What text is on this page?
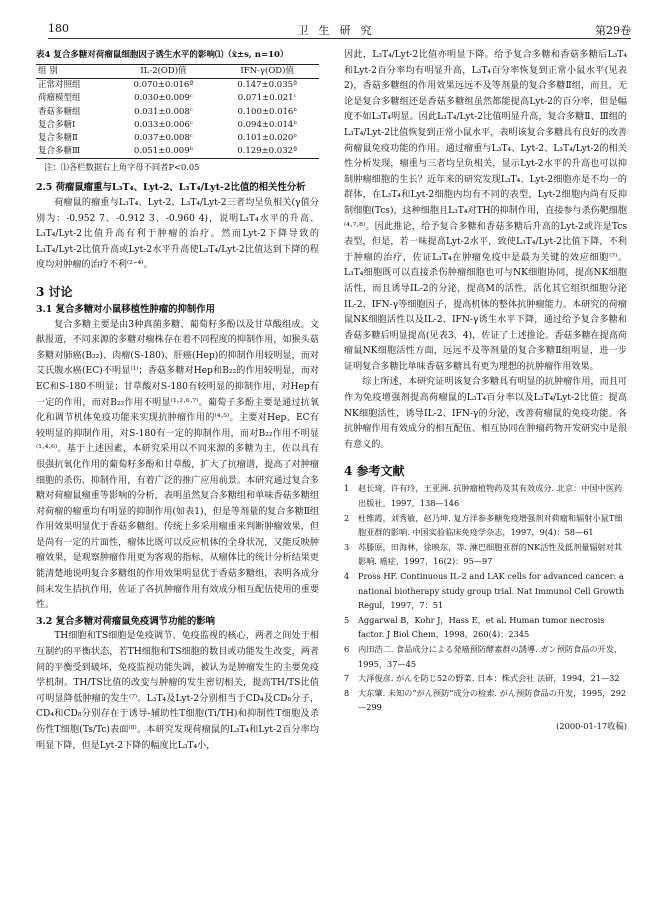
180	卫生研究	第29卷
表4 复合多糖对荷瘤鼠细胞因子诱生水平的影响⑴（x̄±s, n=10）
组 别	IL-2(OD)值	IFN-γ(OD)值
正常对照组	0.070±0.016ª	0.147±0.035ª
荷瘤模型组	0.030±0.009ᶜ	0.071±0.021ᶜ
香菇多糖组	0.031±0.008ᶜ	0.100±0.016ᵇ
复合多糖Ⅰ	0.033±0.006ᶜ	0.094±0.014ᵇ
复合多糖Ⅱ	0.037±0.008ᶜ	0.101±0.020ᵇ
复合多糖Ⅲ	0.051±0.009ᵇ	0.129±0.032ª
注：⑴各栏数据右上角字母不同者P<0.05
2.5 荷瘤鼠瘤重与L₃T₄、Lyt-2、L₃T₄/Lyt-2比值的相关性分析

荷瘤鼠的瘤重与L₃T₄、Lyt-2、L₃T₄/Lyt-2三者均呈负相关(γ值分别为：-0.952 7、-0.912 3、-0.960 4)，说明L₃T₄水平的升高、L₃T₄/Lyt-2比值升高有利于肿瘤的治疗。然而Lyt-2下降导致的L₃T₄/Lyt-2比值升高或Lyt-2水平升高使L₃T₄/Lyt-2比值达到下降的程度均对肿瘤的治疗不利⁽²⁻⁴⁾。

3 讨论
3.1 复合多糖对小鼠移植性肿瘤的抑制作用

复合多糖主要是由3种真菌多糖、葡萄籽多酚以及甘草酸组成。文献报道，不同来源的多糖对瘤株存在着不同程度的抑制作用，如猴头菇多糖对肺癌(B₂₂)、肉瘤(S-180)、肝癌(Hep)的抑制作用较明显，而对艾氏腹水癌(EC)不明显⁽¹⁾；香菇多糖对Hep和B₂₂的作用较明显，而对EC和S-180不明显；甘草酸对S-180有较明显的抑制作用，对Hep有一定的作用，而对B₂₂作用不明显⁽¹·²·⁶·⁷⁾。葡萄子多酚主要是通过抗氧化和调节机体免疫功能来实现抗肿瘤作用的⁽⁴·⁵⁾。主要对Hep、EC有较明显的抑制作用，对S-180有一定的抑制作用，而对B₂₂作用不明显⁽¹·⁴·⁶⁾。基于上述因素，本研究采用以不同来源的多糖为主，佐以具有很强抗氧化作用的葡萄籽多酚和甘草酸，扩大了抗瘤谱，提高了对肿瘤细胞的杀伤、抑制作用，有着广泛的推广应用前景。本研究通过复合多糖对荷瘤鼠瘤重等影响的分析，表明虽然复合多糖组和单味香菇多糖组对荷瘤的瘤重均有明显的抑制作用(如表1)，但是等剂量的复合多糖Ⅱ组作用效果明显优于香菇多糖组。传统上多采用瘤重来判断肿瘤效果，但是尚有一定的片面性，瘤体比既可以反应机体的全身状况，又能反映肿瘤效果，是观察肿瘤作用更为客观的指标，从瘤体比的统计分析结果更能清楚地说明复合多糖组的作用效果明显优于香菇多糖组，表明各成分间未发生拮抗作用，佐证了各抗肿瘤作用有效成分相互配伍使用的重要性。

3.2 复合多糖对荷瘤鼠免疫调节功能的影响

TH细胞和TS细胞是免疫调节、免疫监视的核心，两者之间处于相互制约的平衡状态，若TH细胞和TS细胞的数目或功能发生改变，两者间的平衡受到破坏，免疫监视功能失调，被认为是肿瘤发生的主要免疫学机制。TH/TS比值的改变与肿瘤的发生密切相关，提高TH/TS比值可明显降低肿瘤的发生⁽⁷⁾。L₃T₄及Lyt-2分别相当于CD₄及CD₈分子，CD₄和CD₈分别存在于诱导-辅助性T细胞(Ti/TH)和抑制性T细胞及杀伤性T细胞(Ts/Tc)表面⁽⁸⁾。本研究发现荷瘤鼠的L₃T₄和Lyt-2百分率均明显下降，但是Lyt-2下降的幅度比L₃T₄小，

因此，L₃T₄/Lyt-2比值亦明显下降。给予复合多糖和香菇多糖后L₃T₄和Lyt-2百分率均有明显升高，L₃T₄百分率恢复到正常小鼠水平(见表2)，香菇多糖组的作用效果远远不及等剂量的复合多糖Ⅱ组，而且，无论是复合多糖组还是香菇多糖组虽然都能提高Lyt-2的百分率，但是幅度不如L₃T₄明显。因此L₃T₄/Lyt-2比值明显升高，复合多糖Ⅱ、Ⅲ组的L₃T₄/Lyt-2比值恢复到正常小鼠水平，表明该复合多糖具有良好的改善荷瘤鼠免疫功能的作用。通过瘤重与L₃T₄、Lyt-2、L₃T₄/Lyt-2的相关性分析发现，瘤重与三者均呈负相关，显示Lyt-2水平的升高也可以抑制肿瘤细胞的生长？近年来的研究发现L₃T₄、Lyt-2细胞亦是不均一的群体，在L₃T₄和Lyt-2细胞内均有不同的表型，Lyt-2细胞内尚有反抑制细胞(Tcs)，这种细胞且L₃T₄对TH的抑制作用，直接参与杀伤靶细胞⁽⁴·⁷·⁸⁾。因此推论，给予复合多糖和香菇多糖后升高的Lyt-2或许是Tcs表型，但是，若一味提高Lyt-2水平，致使L₃T₄/Lyt-2比值下降，不利于肿瘤的治疗，佐证L₃T₄在肿瘤免疫中是最为关键的效应细胞⁽⁷⁾。L₃T₄细胞既可以直接杀伤肿瘤细胞也可与NK细胞协同，提高NK细胞活性，而且诱导IL-2的分泌，提高M的活性，活化其它组织细胞分泌IL-2、IFN-γ等细胞因子，提高机体的整体抗肿瘤能力。本研究的荷瘤鼠NK细胞活性以及IL-2、IFN-γ诱生水平下降，通过给予复合多糖和香菇多糖后明显提高(见表3、4)，佐证了上述推论。香菇多糖在提高荷瘤鼠NK细胞活性方面，远远不及等剂量的复合多糖Ⅱ组明显，进一步证明复合多糖比单味香菇多糖具有更为理想的抗肿瘤作用效果。

综上所述，本研究证明该复合多糖具有明显的抗肿瘤作用，而且可作为免疫增强剂提高荷瘤鼠的L₃T₄百分率以及L₃T₄/Lyt-2比值；提高NK细胞活性，诱导IL-2、IFN-γ的分泌，改善荷瘤鼠的免疫功能。各抗肿瘤作用有效成分的相互配伍、相互协同在肿瘤药物开发研究中是很有意义的。

4 参考文献
1 赵长琦，许有玲，王亚洲. 抗肿瘤植物药及其有效成分. 北京：中国中医药出版社，1997，138—146
2 杜维霞，刘秀敏，赵乃坤. 复方洋参多糖免疫增强剂对荷瘤和辐射小鼠T细胞亚群的影响. 中国实验临床免疫学杂志，1997，9(4)：58—61
3 苏滕原，田海林，徐映东，等. 淋巴细胞亚群的NK活性及低剂量辐射对其影响. 癌症，1997，16(2)：95—97
4 Pross HF. Continuous IL-2 and LAK cells for advanced cancer: a national biotherapy study group trial. Nat Immunol Cell Growth Regul，1997，7：51
5 Aggarwal B，Kohr J，Hass E，et al. Human tumor necrosis factor. J Biol Chem，1998，260(4)：2345
6 内田浩二. 食品成分による発癌预防酵素群の誘導. ガン预防食品の开发，1995，37—45
7 大泽俊彦. がんを防じ52の野菜. 日本：株式会社 法研，1994，21—32
8 大东肇. 未知の“がん预防”成分の检索. がん预防食品の开发，1995，292—299
(2000-01-17收稿)
